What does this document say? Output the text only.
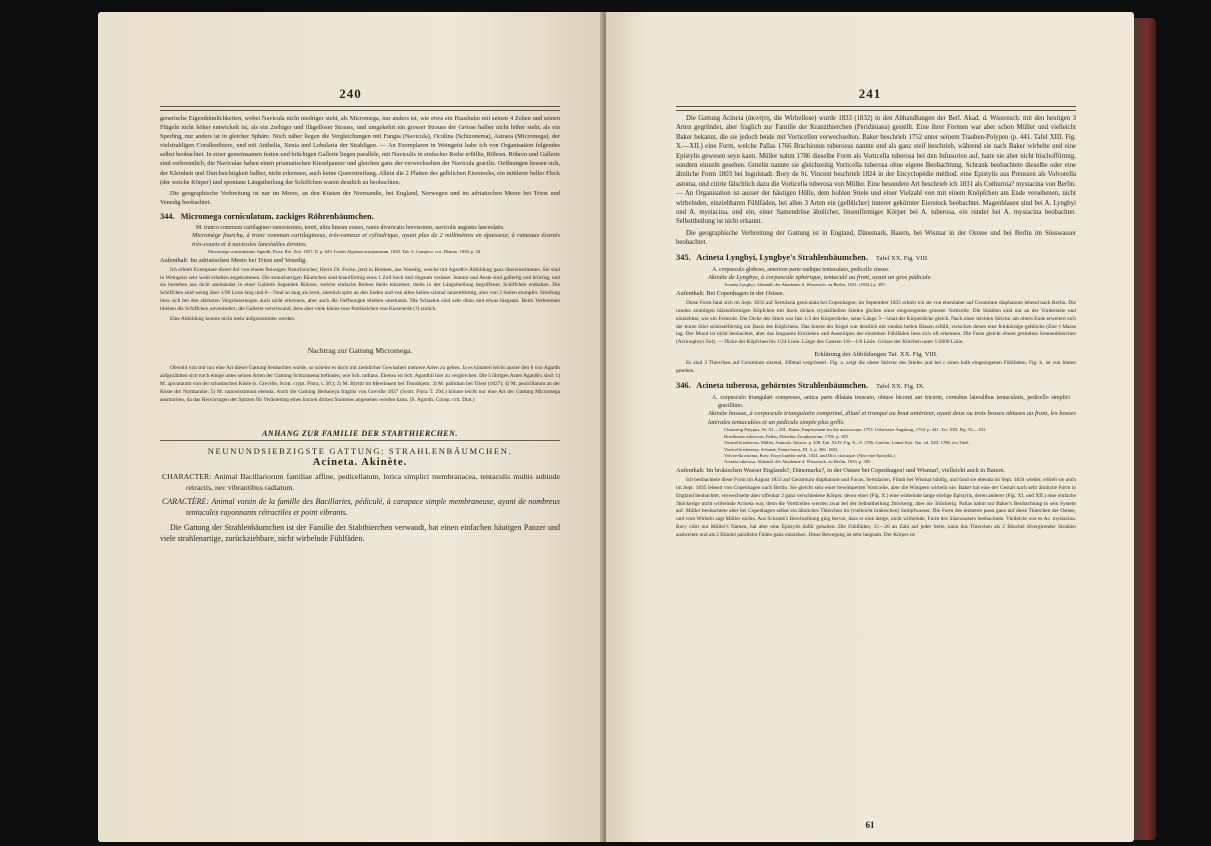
240

generische Eigenthümlichkeiten, wobei Navicula nicht niedriger steht, als Micromega, nur anders ist, wie etwa ein Haushuhn mit seinen 4 Zehen und seinen Flügeln nicht höher entwickelt ist, als ein 2zehiger und flügelloser Strauss, und umgekehrt ein grosser Strauss der Grösse halber nicht höher steht, als ein Sperling, nur anders ist in gleicher Sphäre. Noch näher liegen die Vergleichungen mit Fungia (Navicula), Oculina (Schizonema), Astraea (Micromega), der vielstrahligen Corallenthiere, und mit Anthelia, Xenia und Lobularia der Strahligen. — An Exemplaren in Weingeist habe ich von Organisation folgendes selbst beobachtet. In einer gemeinsamen festen und brüchigen Gallerte liegen parallele, mit Naviculis in einfacher Reihe erfüllte, Röhren. Röhren und Gallerte sind verbrennlich, die Naviculae haben einen prismatischen Kieselpanzer und gleichen ganz der verwechselten der Navicula gracilis. Oeffnungen liessen sich, der Kleinheit und Durchsichtigkeit halber, nicht erkennen, auch keine Queerstreifung. Allein die 2 Platten des gelblichen Eierstocks, ein mittlerer heller Fleck (der weiche Körper) und spontane Längstheilung der Schiffchen waren deutlich zu beobachten.

Die geographische Verbreitung ist nur im Meere, an den Küsten der Normandie, bei England, Norwegen und im adriatischen Meere bei Triest und Venedig beobachtet.

344. Micromega corniculatum, zackiges Röhrenbäumchen.
M. trunco communi cartilagineo ramosissimo, tereti, ultra lineam crasso, ramis divaricatis brevissimis, naviculis angustis lanceolatis.
Micromège fourchu, à tronc commun cartilagineux, très-rameux et cylindrique, ayant plus de 2 millimètres en épaisseur, à rameaux écartés très-courts et à navicules lancéolées étroites.
Micromega corniculatum, Agardh, Flora, Bot. Zeit. 1827. II. p. 629. Iconés Algarum europaearum, 1828. Tab. 4. Conspect. crit. Diatom. 1830. p. 24.

Aufenthalt: Im adriatischen Meere bei Triest und Venedig.

Ich erhielt Exemplare dieser Art von einem fleissigen Naturforscher, Herrn Dr. Focke, jetzt in Bremen, aus Venedig, welche mit Agardh's Abbildung ganz übereinstimmen. Sie sind in Weingeist sehr wohl erhalten angekommen. Die strauchartigen Bäumchen sind knaulförmig etwa 1 Zoll hoch und ringsum verästet. Stamm und Aeste sind gallertig und brüchig, und sie bestehen aus dicht aneinander in einer Gallerte liegenden Röhren, welche einfache Reihen theils einzelner, theils in der Längstheilung begriffener, Schiffchen enthalten. Die Schiffchen sind wenig über 1/96 Linie lang und 6—7mal so lang als breit, ziemlich spitz an den Enden und von allen Seiten schmal lanzettförmig, aber von 2 Seiten stumpfer. Streifung liess sich bei den stärksten Vergrösserungen auch nicht erkennen, aber auch die Oeffnungen blieben unerkannt. Die Schaalen sind sehr dünn und etwas biegsam. Beim Verbrennen blieben die Schiffchen unverändert, die Gallerte verschwand, liess aber viele kleine lose Partikelchen von Kieselerde (?) zurück.

Eine Abbildung konnte nicht mehr aufgenommen werden.

Nachtrag zur Gattung Micromega.

Obwohl von mir nur eine Art dieser Gattung beobachtet wurde, so scheint es doch mit ziemlicher Gewissheit mehrere Arten zu geben. Ja es könnten leicht ausser den 6 von Agardh aufgezählten sich noch einige unter seinen Arten der Gattung Schizonema befinden, wie Sch. radians. Ebenso ist Sch. Agardhii hier zu vergleichen. Die 5 übrigen Arten Agardh's sind: 1) M. apiculatum von der schottischen Küste (s. Greville, Scott. crypt. Flora, t. 30.); 2) M. Blyttii im Meerbusen bei Trondhjem; 3) M. pallidum bei Triest (1827); 4) M. penicillatum an der Küste der Normandie; 5) M. ramosissimum ebenda. Auch die Gattung Berkeleya fragilis von Greville 1827 (Scott. Flora T. 294.) könnte leicht nur eine Art der Gattung Micromega ausmachen, da das Hervorragen der Spitzen für Verästelung eines kurzen dicken Stammes angesehen werden kann. (S. Agardh, Consp. crit. Diat.)

ANHANG ZUR FAMILIE DER STABTHIERCHEN.
NEUNUNDSIEBZIGSTE GATTUNG: STRAHLENBÄUMCHEN.
Acineta. Akinète.
CHARACTER: Animal Bacillariorum familiae affine, pedicellatum, lorica simplici membranacea, tentaculis multis subinde retractis, nec vibrantibus radiatum.
CARACTÈRE: Animal voisin de la famille des Bacillaries, pédiculé, à carapace simple membraneuse, ayant de nombreux tentacules rayonnants rétractiles et point vibrants.

Die Gattung der Strahlenbäumchen ist der Familie der Stabthierchen verwandt, hat einen einfachen häutigen Panzer und viele strahlenartige, zurückziehbare, nicht wirbelnde Fühlfäden.

241

Die Gattung Acineta (ἀκινήτη, die Wirbellose) wurde 1833 (1832) in den Abhandlungen der Berl. Akad. d. Wissensch. mit den heutigen 3 Arten gegründet, aber fraglich zur Familie der Kranzthierchen (Peridiniaea) gestellt. Eine ihrer Formen war aber schon Müller und vielleicht Baker bekannt, die sie jedoch beide mit Vorticellen verwechselten. Baker beschrieb 1752 unter seinem Trauben-Polypen (p. 441. Tafel XIII. Fig. X.—XII.) eine Form, welche Pallas 1766 Brachionus tuberosus nannte und als ganz steif beschrieb, während sie nach Baker wirbelte und eine Epistylis gewesen seyn kann. Müller nahm 1786 dieselbe Form als Vorticella tuberosa bei den Infusorien auf, hatte sie aber nicht bischofförmig, sondern einzeln gesehen. Gmelin nannte sie gleichzeitig Vorticella tuberosa ohne eigene Beobachtung. Schrank beobachtete dieselbe oder eine ähnliche Form 1803 bei Ingolstadt. Bory de St. Vincent beschrieb 1824 in der Encyclopédie méthod. eine Epistylis aus Preussen als Volvorella astoma, und citirte fälschlich dazu die Vorticella tuberosa von Müller. Eine besondere Art beschrieb ich 1831 als Cothurnia? mystacina von Berlin. — An Organisation ist ausser der häutigen Hülle, dem hohlen Stiele und einer Vielzahl von mit einem Knöpfchen am Ende versehenen, nicht wirbelnden, einziehbaren Fühlfäden, bei allen 3 Arten ein (gelblicher) innerer gekörnter Eierstock beobachtet. Magenblasen sind bei A. Lyngbyi und A. mystacina, und ein, einer Samendrüse ähnlicher, linsenförmiger Körper bei A. tuberosa, ein runder bei A. mystacina beobachtet. Selbsttheilung ist nicht erkannt.

Die geographische Verbreitung der Gattung ist in England, Dänemark, Baiern, bei Wismar in der Ostsee und bei Berlin im Süsswasser beobachtet.

345. Acineta Lyngbyi, Lyngbye's Strahlenbäumchen. Tafel XX. Fig. VIII.
A. corpusculo globoso, anteriore parte undique tentaculato, pedicello crasso.
Akinète de Lyngbye, à corpuscule sphérique, tentaculé au front, ayant un gros pédicule.
Acineta Lyngbyi, Abhandl. der Akademie d. Wissensch. zu Berlin, 1833. (1832.) p. 385.

Aufenthalt: Bei Copenhagen in der Ostsee.

Diese Form fand sich im Sept. 1833 auf Sertularia geniculata bei Copenhagen; im September 1835 erhielt ich sie von ebendaher auf Ceramium diaphanum lebend nach Berlin. Die runden strahligen bläsenförmigen Köpfchen mit ihren dicken crystallhellen Stielen glichen einer eingezogenen grossen Vorticelle. Die Strahlen sind nur an der Vorderseite und einziehbar, wie ein Fernrohr. Die Dicke des Stiels war fast 1/3 der Körperdicke, seine Länge 3—5mal der Körperdicke gleich. Nach einer leichten Strictur am obern Ende erweitert sich der kurze Stiel schüsselförmig zur Basis des Köpfchens. Das Innere der Kugel war deutlich mit runden hellen Blasen erfüllt, zwischen denen eine feinkörnige gelbliche (Eier-) Masse lag. Der Mund ist nicht beobachtet, aber das langsame Einziehen und Ausstülpen der einzelnen Fühlfäden liess sich oft erkennen. Die Form gleicht einem gestielten Sonnenthierchen (Actinophrys Sol). — Dicke der Köpfchen bis 1/24 Linie. Länge des Ganzen 1/8—1/6 Linie. Grösse der Kürchen unter 1/2000 Linie.

Erklärung der Abbildungen Taf. XX. Fig. VIII.

Es sind 3 Thierchen auf Ceramium sitzend, 300mal vergrössert. Fig. a. zeigt die obere Strictur des Stieles und bei c einen halb eingezogenen Fühlfaden; Fig. b. ist von hinten gesehen.

346. Acineta tuberosa, gehörntes Strahlenbäumchen. Tafel XX. Fig. IX.
A. corpusculo triangulari compresso, antica parte dilatata truncato, obtuse bicorni aut tricorni, cornubus lateralibus tentaculatis, pedicello simplici gracillimo.
Akinète bossue, à corpuscule triangulaire comprimé, dilaté et tronqué au bout antérieur, ayant deux ou trois bosses obtuses au front, les bosses latérales tentaculées et un pédicule simple plus grêle.
Clustering Polypus, Nr. XI.—XII., Baker, Employment for the microscope, 1753. Uebersetzt Augsburg, 1754. p. 441. Taf. XIII. Fig. XI.—XII.
Brachionus tuberosus, Pallas, Elenchus Zoophytorum, 1766. p. 105.
Vorticella tuberosa, Müller, Animalc. Infusor. p. 308. Tab. XLIV. Fig. 8—9. 1786. Gmelin, Linnei Syst. Nat. ed. XIII. 1788. ten Theil.
Vorticella tuberosa, Schrank, Fauna boica, III. 2. p. 306. 1803.
Volvorella astoma, Bory, Encyclopédie méth. 1824. und Dict. classique. (War eine Epistylis.)
Acineta tuberosa, Abhandl. der Akademie d. Wissensch. zu Berlin, 1833. p. 385.

Aufenthalt: Im brakischen Wasser Englands?, Dänemarks?, in der Ostsee bei Copenhagen! und Wismar!, vielleicht auch in Baiern.

Ich beobachtete diese Form im August 1833 auf Ceramium diaphanum und Fucus, Sertularien, Filum bei Wismar häufig, und fand sie ebenda im Sept. 1834 wieder, erhielt sie auch im Sept. 1835 lebend von Copenhagen nach Berlin. Sie gleicht sehr einer bewimperten Vorticelle, aber die Wimpern wirbeln nie. Baker hat eine der Gestalt nach sehr ähnliche Form in England beobachtet, verwechselte aber offenbar 2 ganz verschiedene Körper, deren einer (Fig. X.) eine wirbelnde lange stielige Epistylis, deren anderer (Fig. XI. und XII.) eine einfache 3höckerige nicht wirbelnde Acineta war, denn die Vorticellen werden zwar bei der Selbsttheilung 2höckerig, aber nie 3höckerig. Pallas nahm nur Baker's Beobachtung in sein System auf. Müller beobachtete aber bei Copenhagen selbst ein ähnliches Thierchen im (vielleicht brakischen) Sumpfwasser. Die Form des letzteren passt ganz auf diese Thierchen der Ostsee, und vom Wirbeln sagt Müller nichts. Aus Schrank's Beschreibung ging hervor, dass er eine ästige, nicht wirbelnde, Form des Süsswassers beobachtete. Vielleicht war es Ac. mystacina. Bory citirt nur Müller's Namen, hat aber eine Epistylis dafür gehalten. Die Fühlfäden, 15—20 an Zahl auf jeder Seite, kann das Thierchen als 2 Büschel divergirender Strahlen ausbreiten und als 2 Bündel paralleler Fäden ganz einziehen. Diese Bewegung ist sehr langsam. Der Körper ist

61
